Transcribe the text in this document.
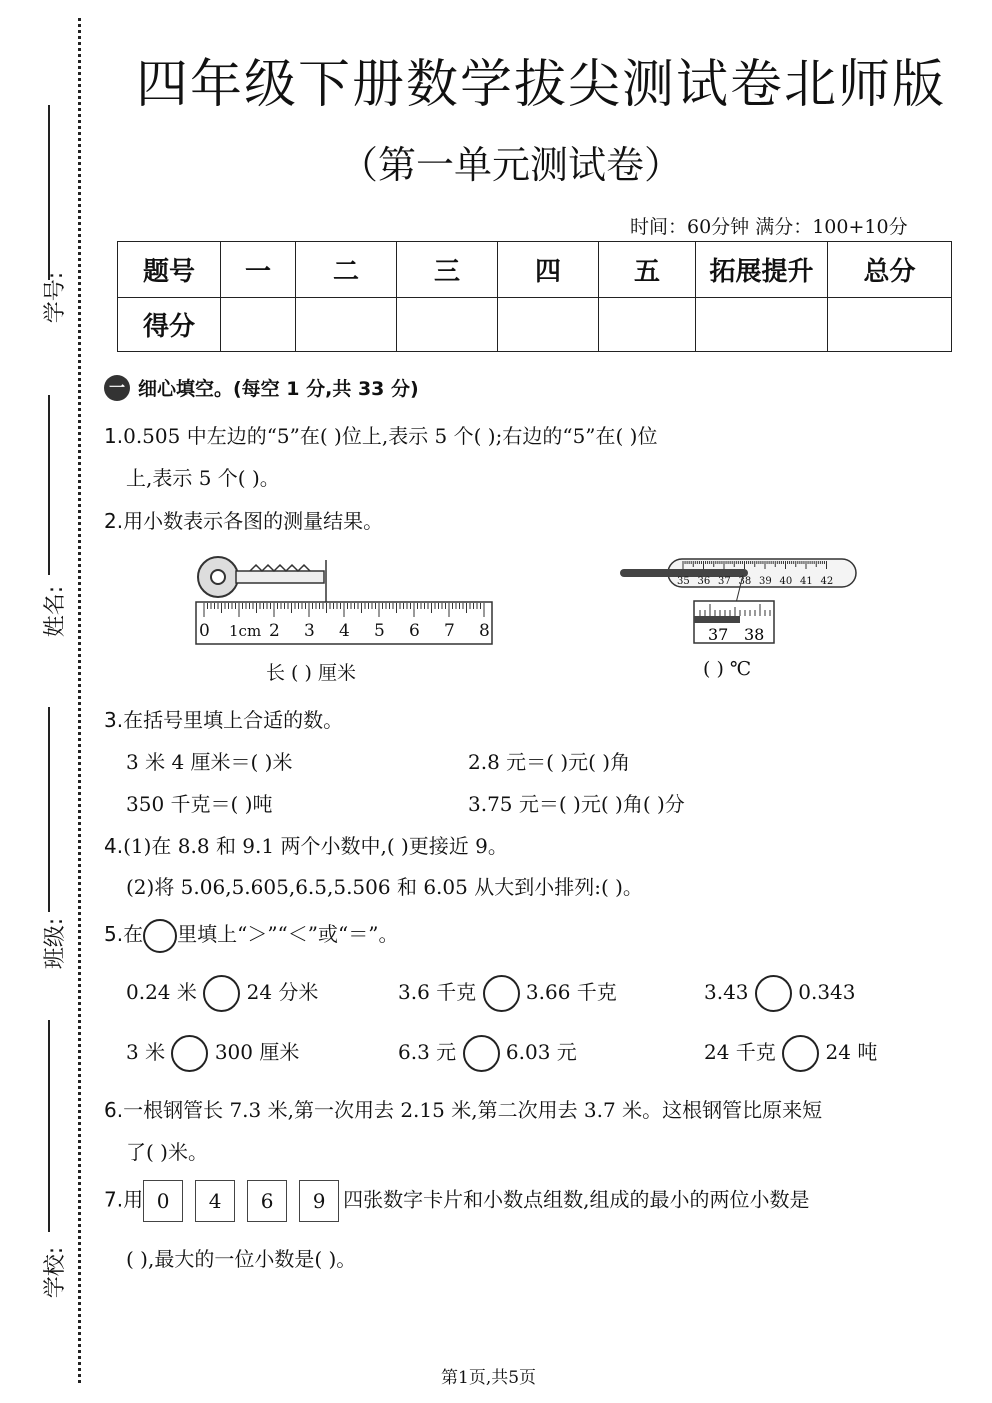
学号:
姓名:
班级:
学校:
四年级下册数学拔尖测试卷北师版
（第一单元测试卷）
时间：60分钟 满分：100+10分
题号	一	二	三	四	五	拓展提升	总分
得分							
一 细心填空。(每空 1 分,共 33 分)
1.0.505 中左边的“5”在( )位上,表示 5 个( );右边的“5”在( )位
上,表示 5 个( )。
2.用小数表示各图的测量结果。
0 1cm 2 3 4 5 6 7 8
长 ( ) 厘米
35 36 37 38 39 40 41 42
37 38
( ) ℃
3.在括号里填上合适的数。
3 米 4 厘米＝( )米	2.8 元＝( )元( )角
350 千克＝( )吨	3.75 元＝( )元( )角( )分
4.(1)在 8.8 和 9.1 两个小数中,( )更接近 9。
(2)将 5.06,5.605,6.5,5.506 和 6.05 从大到小排列:( )。
5.在 里填上“＞”“＜”或“＝”。
0.24 米 24 分米	3.6 千克 3.66 千克	3.43 0.343
3 米 300 厘米	6.3 元 6.03 元	24 千克 24 吨
6.一根钢管长 7.3 米,第一次用去 2.15 米,第二次用去 3.7 米。这根钢管比原来短
了( )米。
7.用 0 4 6 9 四张数字卡片和小数点组数,组成的最小的两位小数是
( ),最大的一位小数是( )。
第1页,共5页
